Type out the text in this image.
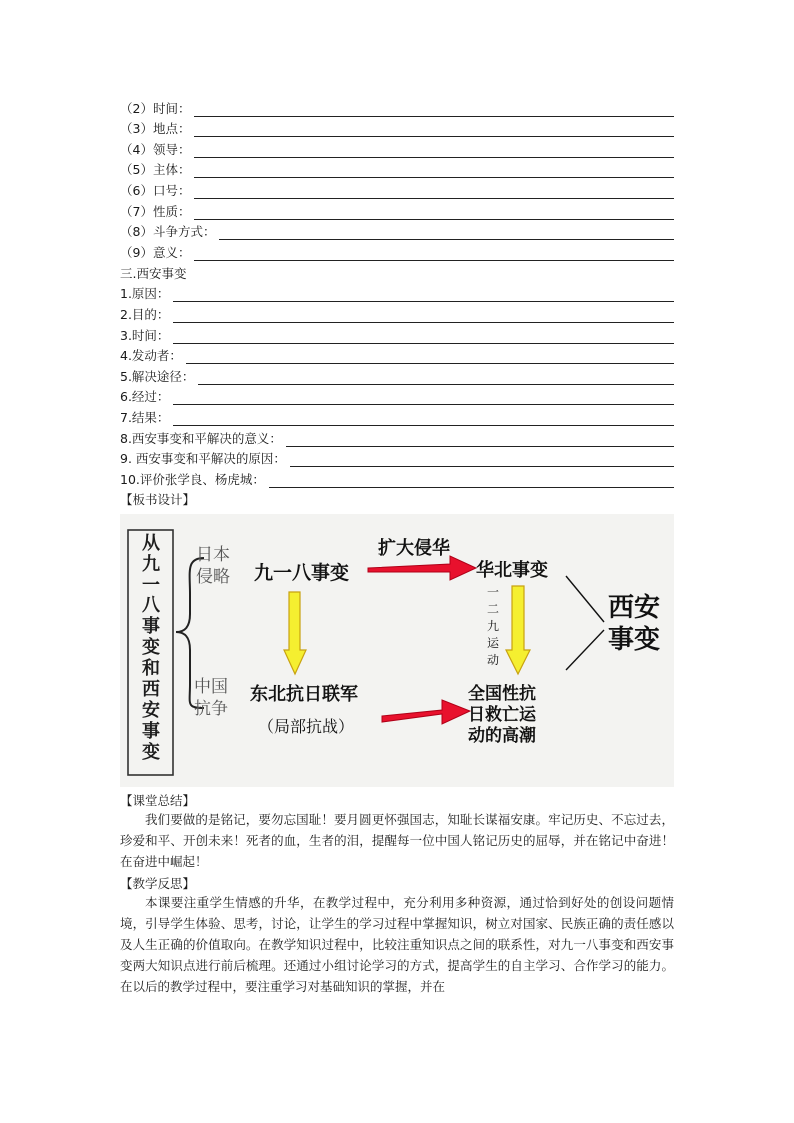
（2）时间：
（3）地点：
（4）领导：
（5）主体：
（6）口号：
（7）性质：
（8）斗争方式：
（9）意义：
三.西安事变
1.原因：
2.目的：
3.时间：
4.发动者：
5.解决途径：
6.经过：
7.结果：
8.西安事变和平解决的意义：
9. 西安事变和平解决的原因：
10.评价张学良、杨虎城：
【板书设计】
从
九
一
八
事
变
和
西
安
事
变
日本
侵略
中国
抗争
九一八事变
扩大侵华
华北事变
一
二
九
运
动
西安
事变
东北抗日联军
（局部抗战）
全国性抗
日救亡运
动的高潮
【课堂总结】

我们要做的是铭记，要勿忘国耻！要月圆更怀强国志，知耻长谋福安康。牢记历史、不忘过去，珍爱和平、开创未来！死者的血，生者的泪，提醒每一位中国人铭记历史的屈辱，并在铭记中奋进！在奋进中崛起！

【教学反思】

本课要注重学生情感的升华，在教学过程中，充分利用多种资源，通过恰到好处的创设问题情境，引导学生体验、思考，讨论，让学生的学习过程中掌握知识，树立对国家、民族正确的责任感以及人生正确的价值取向。在教学知识过程中，比较注重知识点之间的联系性，对九一八事变和西安事变两大知识点进行前后梳理。还通过小组讨论学习的方式，提高学生的自主学习、合作学习的能力。在以后的教学过程中，要注重学习对基础知识的掌握，并在
